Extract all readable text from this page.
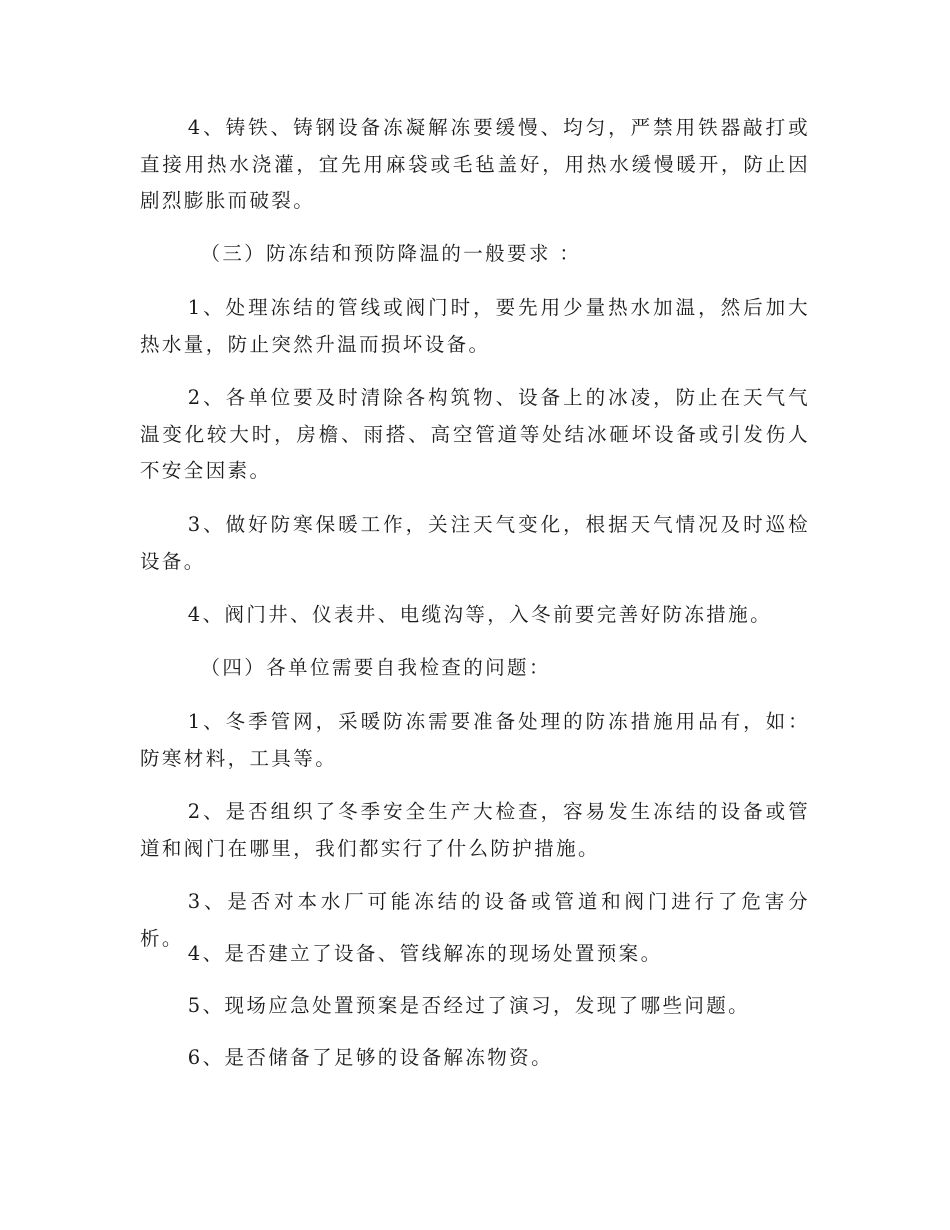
4、铸铁、铸钢设备冻凝解冻要缓慢、均匀，严禁用铁器敲打或直接用热水浇灌，宜先用麻袋或毛毡盖好，用热水缓慢暖开，防止因剧烈膨胀而破裂。

（三）防冻结和预防降温的一般要求 ：

1、处理冻结的管线或阀门时，要先用少量热水加温，然后加大热水量，防止突然升温而损坏设备。

2、各单位要及时清除各构筑物、设备上的冰凌，防止在天气气温变化较大时，房檐、雨搭、高空管道等处结冰砸坏设备或引发伤人不安全因素。

3、做好防寒保暖工作，关注天气变化，根据天气情况及时巡检设备。

4、阀门井、仪表井、电缆沟等，入冬前要完善好防冻措施。

（四）各单位需要自我检查的问题：

1、冬季管网，采暖防冻需要准备处理的防冻措施用品有，如：防寒材料，工具等。

2、是否组织了冬季安全生产大检查，容易发生冻结的设备或管道和阀门在哪里，我们都实行了什么防护措施。

3、是否对本水厂可能冻结的设备或管道和阀门进行了危害分析。

4、是否建立了设备、管线解冻的现场处置预案。

5、现场应急处置预案是否经过了演习，发现了哪些问题。

6、是否储备了足够的设备解冻物资。
